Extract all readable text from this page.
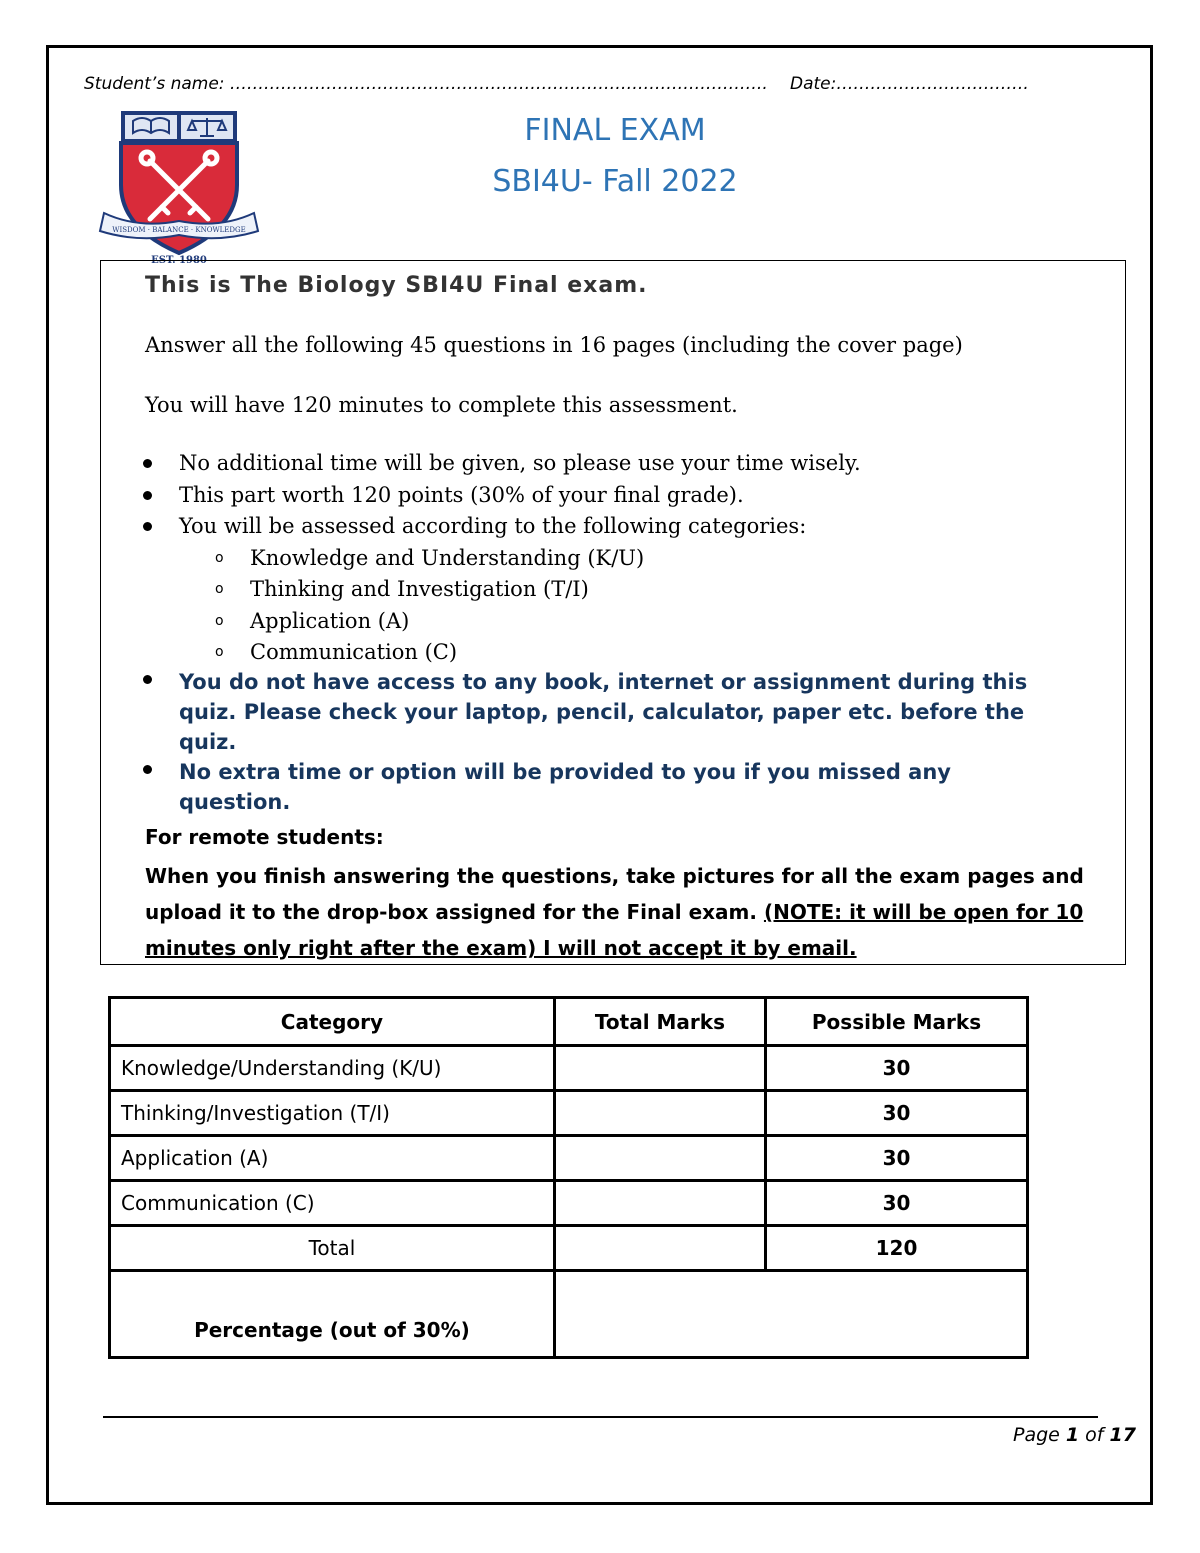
Student’s name: ………………………………………………………………………………….. Date:…………………………….
WISDOM · BALANCE · KNOWLEDGE
EST. 1980
FINAL EXAM
SBI4U- Fall 2022
This is The Biology SBI4U Final exam.
Answer all the following 45 questions in 16 pages (including the cover page)
You will have 120 minutes to complete this assessment.
No additional time will be given, so please use your time wisely.
This part worth 120 points (30% of your final grade).
You will be assessed according to the following categories:
o Knowledge and Understanding (K/U)
o Thinking and Investigation (T/I)
o Application (A)
o Communication (C)
You do not have access to any book, internet or assignment during this quiz. Please check your laptop, pencil, calculator, paper etc. before the quiz.
No extra time or option will be provided to you if you missed any question.
For remote students:
When you finish answering the questions, take pictures for all the exam pages and upload it to the drop-box assigned for the Final exam. (NOTE: it will be open for 10 minutes only right after the exam) I will not accept it by email.
Category	Total Marks	Possible Marks
Knowledge/Understanding (K/U)		30
Thinking/Investigation (T/I)		30
Application (A)		30
Communication (C)		30
Total		120
Percentage (out of 30%)		
Page 1 of 17
